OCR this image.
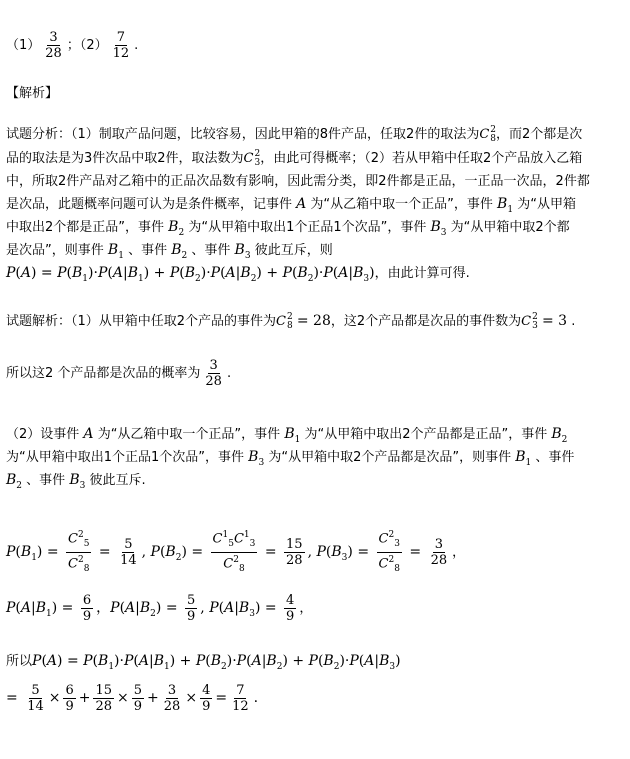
$(1) \frac{3}{28}$ ；$(2) \frac{7}{12}$ .
【解析】
试题分析：（1）制取产品问题，比较容易，因此甲箱的8件产品，任取2件的取法为C 2
8 ，而2个都是次
品的取法是为3件次品中取2件，取法数为C 2
3 ，由此可得概率；（2）若从甲箱中任取2个产品放入乙箱
中，所取2件产品对乙箱中的正品次品数有影响，因此需分类，即2件都是正品，一正品一次品，2件都
是次品，此题概率问题可认为是条件概率，记事件 A 为“从乙箱中取一个正品”，事件 $B_1$ 为“从甲箱
中取出2个都是正品”，事件 $B_2$ 为“从甲箱中取出1个正品1个次品”，事件 $B_3$ 为“从甲箱中取2个都
是次品”，则事件 $B_1$ 、事件 $B_2$ 、事件 $B_3$ 彼此互斥，则
$P(A) = P(B_1)\cdot P(A|B_1) + P(B_2)\cdot P(A|B_2) + P(B_2)\cdot P(A|B_3)$，由此计算可得.
试题解析：（1）从甲箱中任取2个产品的事件为C 2
8 = 28，这2个产品都是次品的事件数为C 2
3 = 3 .
所以这2 个产品都是次品的概率为 $\frac{3}{28}$ .
（2）设事件 A 为“从乙箱中取一个正品”，事件 $B_1$ 为“从甲箱中取出2个产品都是正品”，事件 $B_2$
为“从甲箱中取出1个正品1个次品”，事件 $B_3$ 为“从甲箱中取2个产品都是次品”，则事件 $B_1$ 、事件
$B_2$ 、事件 $B_3$ 彼此互斥.
$P(B_1) = \frac{C^2_5}{C^2_8} = \frac{5}{14}$ , $P(B_2) = \frac{C^1_5C^1_3}{C^2_8} = \frac{15}{28}$ , $P(B_3) = \frac{C^2_3}{C^2_8} = \frac{3}{28}$ ，
$P(A|B_1) = \frac{6}{9}$ ，$P(A|B_2) = \frac{5}{9}$ , $P(A|B_3) = \frac{4}{9}$ ，
所以$P(A) = P(B_1)\cdot P(A|B_1) + P(B_2)\cdot P(A|B_2) + P(B_2)\cdot P(A|B_3)$
= $\frac{5}{14} \times \frac{6}{9} + \frac{15}{28} \times \frac{5}{9} + \frac{3}{28} \times \frac{4}{9} = \frac{7}{12}$ .
